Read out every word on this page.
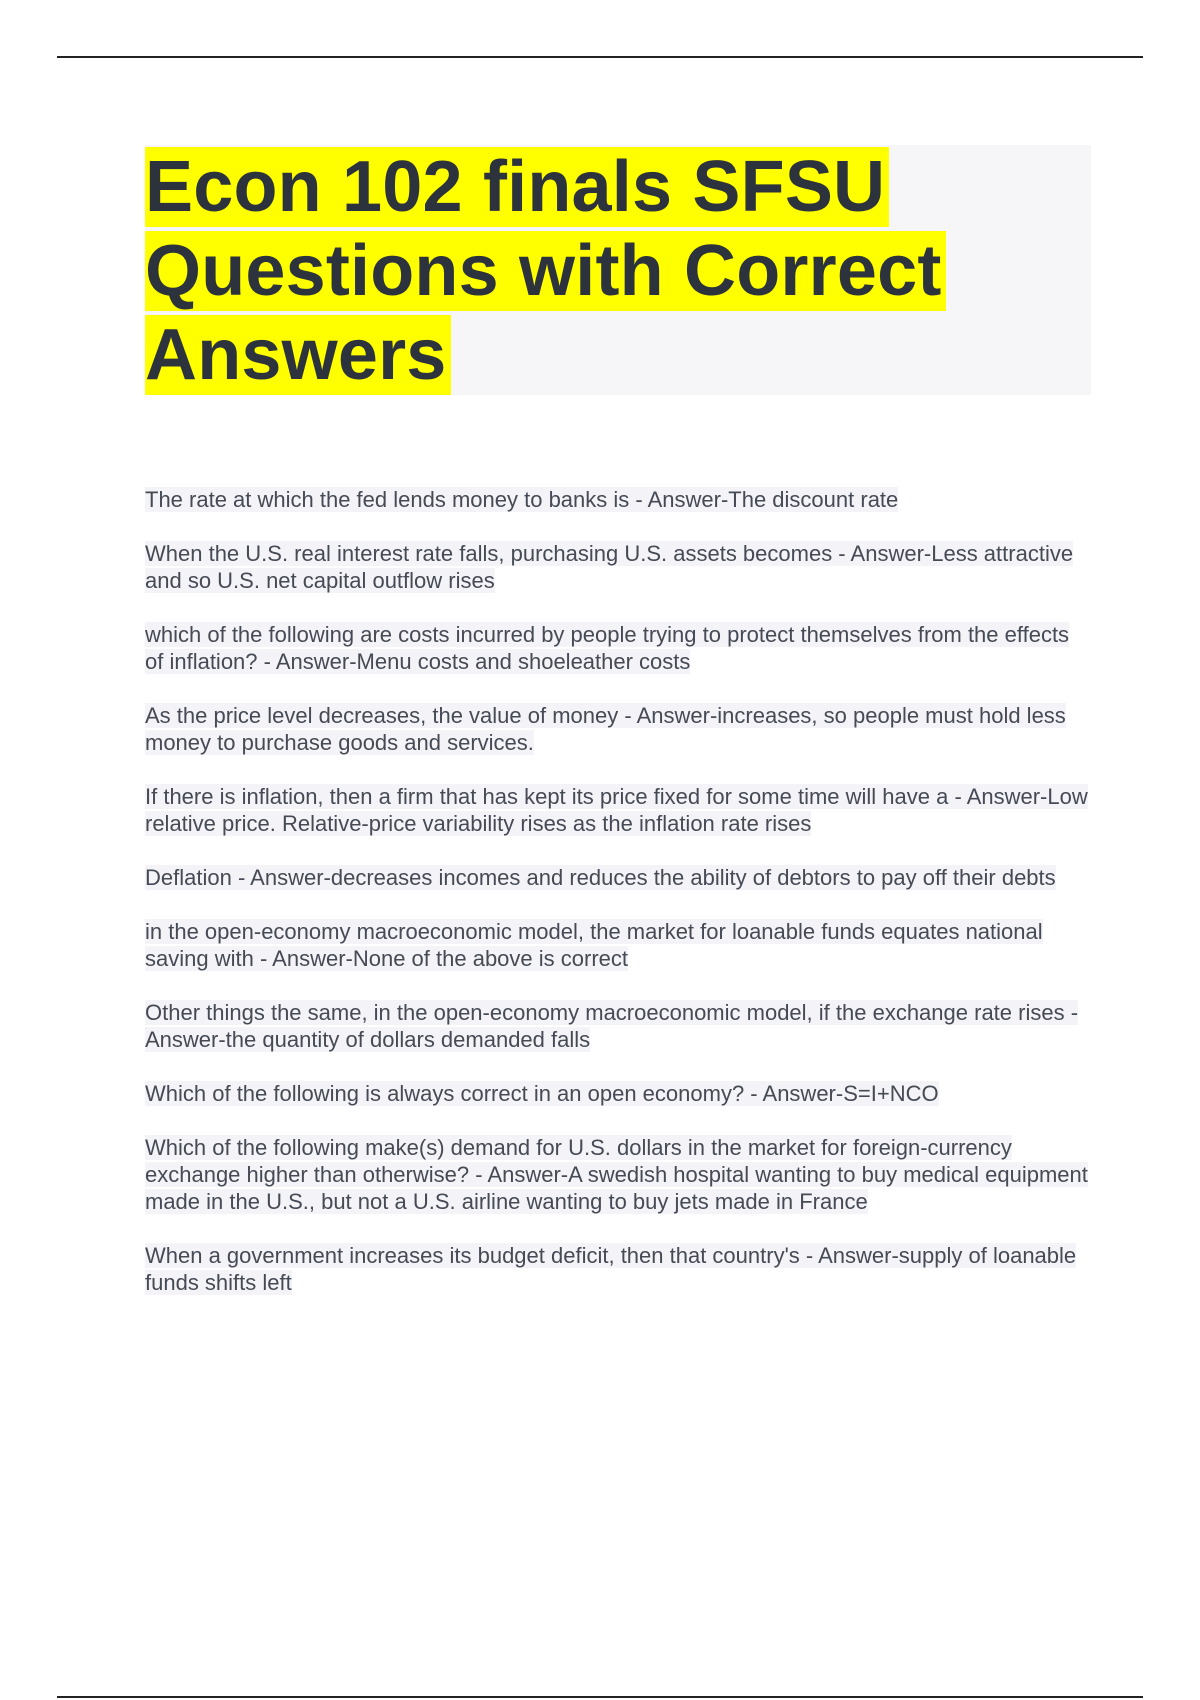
Econ 102 finals SFSU
Questions with Correct
Answers
The rate at which the fed lends money to banks is - Answer-The discount rate
When the U.S. real interest rate falls, purchasing U.S. assets becomes - Answer-Less attractive and so U.S. net capital outflow rises
which of the following are costs incurred by people trying to protect themselves from the effects of inflation? - Answer-Menu costs and shoeleather costs
As the price level decreases, the value of money - Answer-increases, so people must hold less money to purchase goods and services.
If there is inflation, then a firm that has kept its price fixed for some time will have a - Answer-Low relative price. Relative-price variability rises as the inflation rate rises
Deflation - Answer-decreases incomes and reduces the ability of debtors to pay off their debts
in the open-economy macroeconomic model, the market for loanable funds equates national saving with - Answer-None of the above is correct
Other things the same, in the open-economy macroeconomic model, if the exchange rate rises - Answer-the quantity of dollars demanded falls
Which of the following is always correct in an open economy? - Answer-S=I+NCO
Which of the following make(s) demand for U.S. dollars in the market for foreign-currency exchange higher than otherwise? - Answer-A swedish hospital wanting to buy medical equipment made in the U.S., but not a U.S. airline wanting to buy jets made in France
When a government increases its budget deficit, then that country's - Answer-supply of loanable funds shifts left
